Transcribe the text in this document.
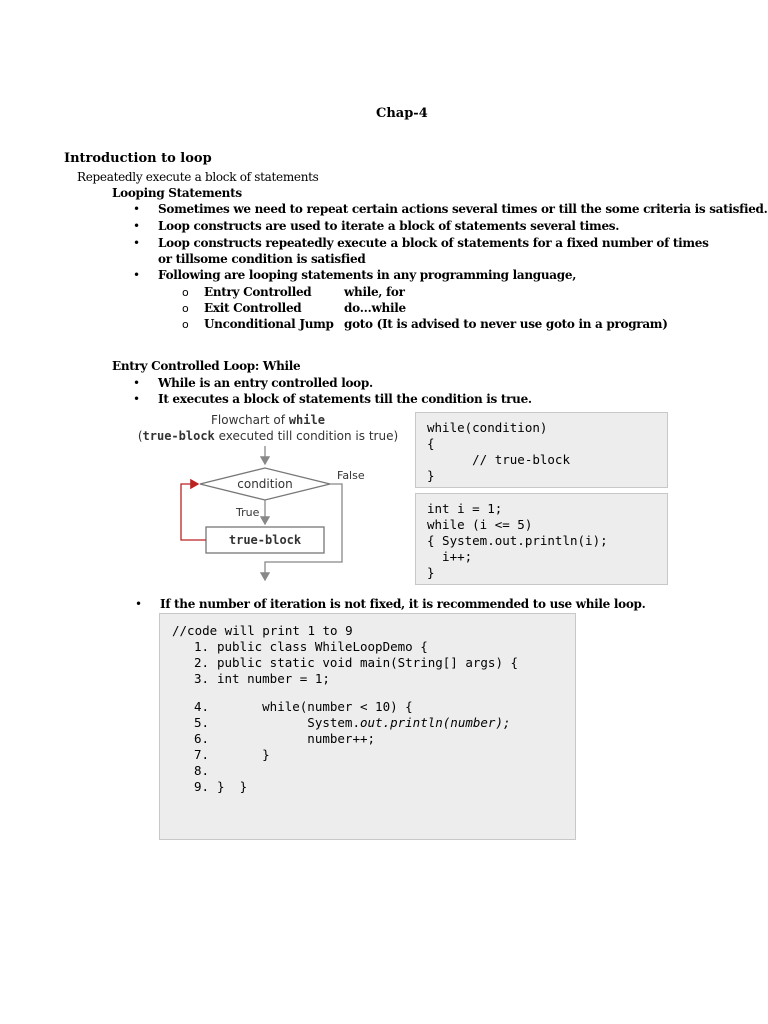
Chap-4
Introduction to loop
Repeatedly execute a block of statements
Looping Statements
• Sometimes we need to repeat certain actions several times or till the some criteria is satisfied.
• Loop constructs are used to iterate a block of statements several times.
• Loop constructs repeatedly execute a block of statements for a fixed number of times
or tillsome condition is satisfied
• Following are looping statements in any programming language,
o Entry Controlled	while, for
o Exit Controlled	do…while
o Unconditional Jump goto (It is advised to never use goto in a program)
Entry Controlled Loop: While
• While is an entry controlled loop.
• It executes a block of statements till the condition is true.
Flowchart of while
(true-block executed till condition is true)
condition
True
true-block
False
while(condition)
{
// true-block
}
int i = 1;
while (i <= 5)
{ System.out.println(i);
i++;
}
• If the number of iteration is not fixed, it is recommended to use while loop.
//code will print 1 to 9
1. public class WhileLoopDemo {
2. public static void main(String[] args) {
3. int number = 1;
4. while(number < 10) {
5. System.out.println(number);
6. number++;
7. }
8.
9. }  }
